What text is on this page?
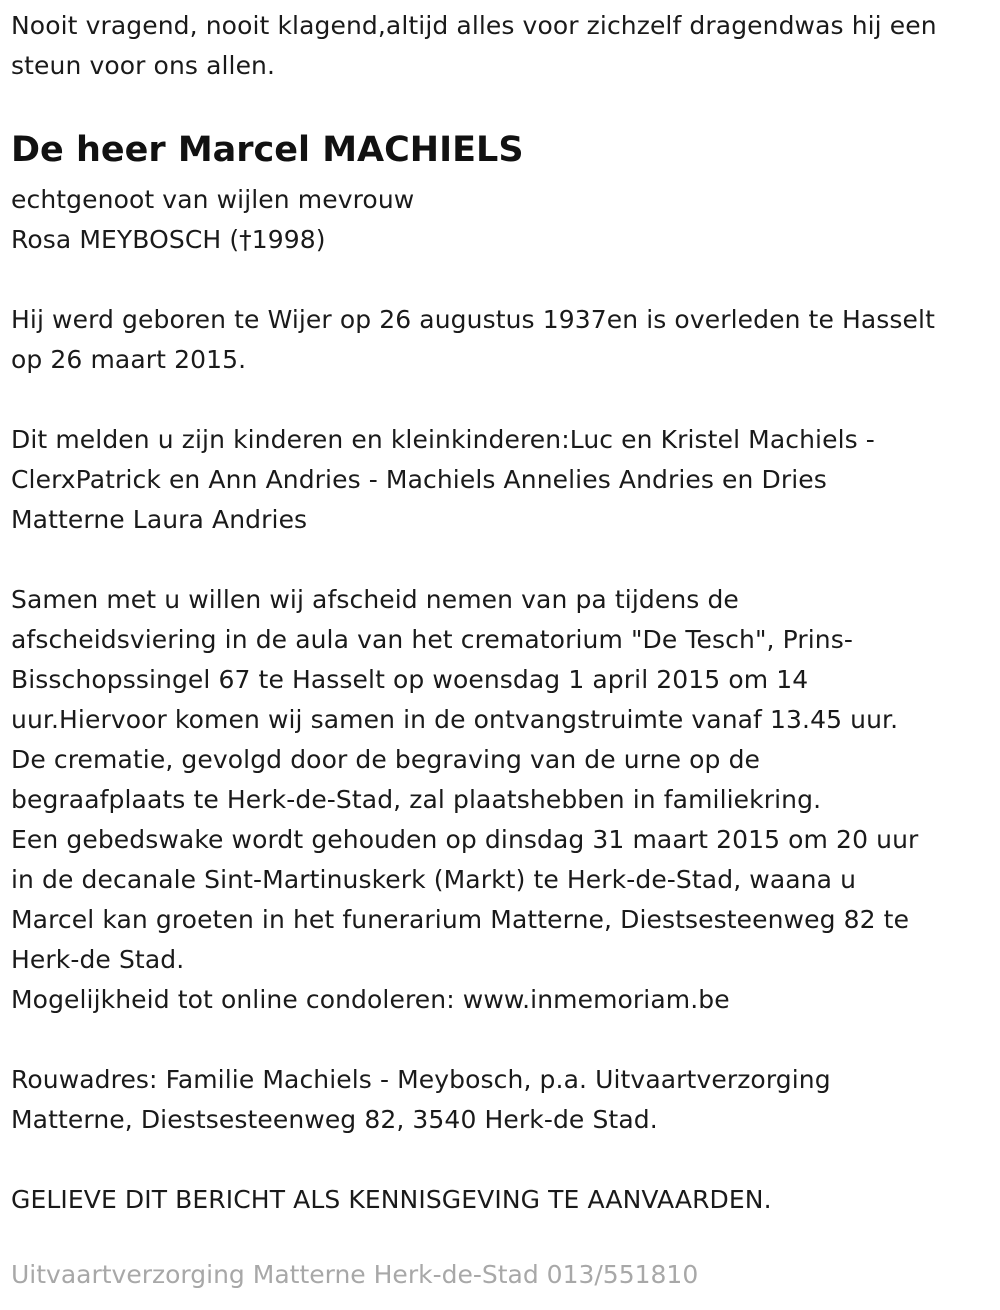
Nooit vragend, nooit klagend,altijd alles voor zichzelf dragendwas hij een
steun voor ons allen.
De heer Marcel MACHIELS
echtgenoot van wijlen mevrouw
Rosa MEYBOSCH (†1998)
Hij werd geboren te Wijer op 26 augustus 1937en is overleden te Hasselt
op 26 maart 2015.
Dit melden u zijn kinderen en kleinkinderen:Luc en Kristel Machiels -
ClerxPatrick en Ann Andries - Machiels Annelies Andries en Dries
Matterne Laura Andries
Samen met u willen wij afscheid nemen van pa tijdens de
afscheidsviering in de aula van het crematorium "De Tesch", Prins-
Bisschopssingel 67 te Hasselt op woensdag 1 april 2015 om 14
uur.Hiervoor komen wij samen in de ontvangstruimte vanaf 13.45 uur.
De crematie, gevolgd door de begraving van de urne op de
begraafplaats te Herk-de-Stad, zal plaatshebben in familiekring.
Een gebedswake wordt gehouden op dinsdag 31 maart 2015 om 20 uur
in de decanale Sint-Martinuskerk (Markt) te Herk-de-Stad, waana u
Marcel kan groeten in het funerarium Matterne, Diestsesteenweg 82 te
Herk-de Stad.
Mogelijkheid tot online condoleren: www.inmemoriam.be
Rouwadres: Familie Machiels - Meybosch, p.a. Uitvaartverzorging
Matterne, Diestsesteenweg 82, 3540 Herk-de Stad.
GELIEVE DIT BERICHT ALS KENNISGEVING TE AANVAARDEN.
Uitvaartverzorging Matterne Herk-de-Stad 013/551810
